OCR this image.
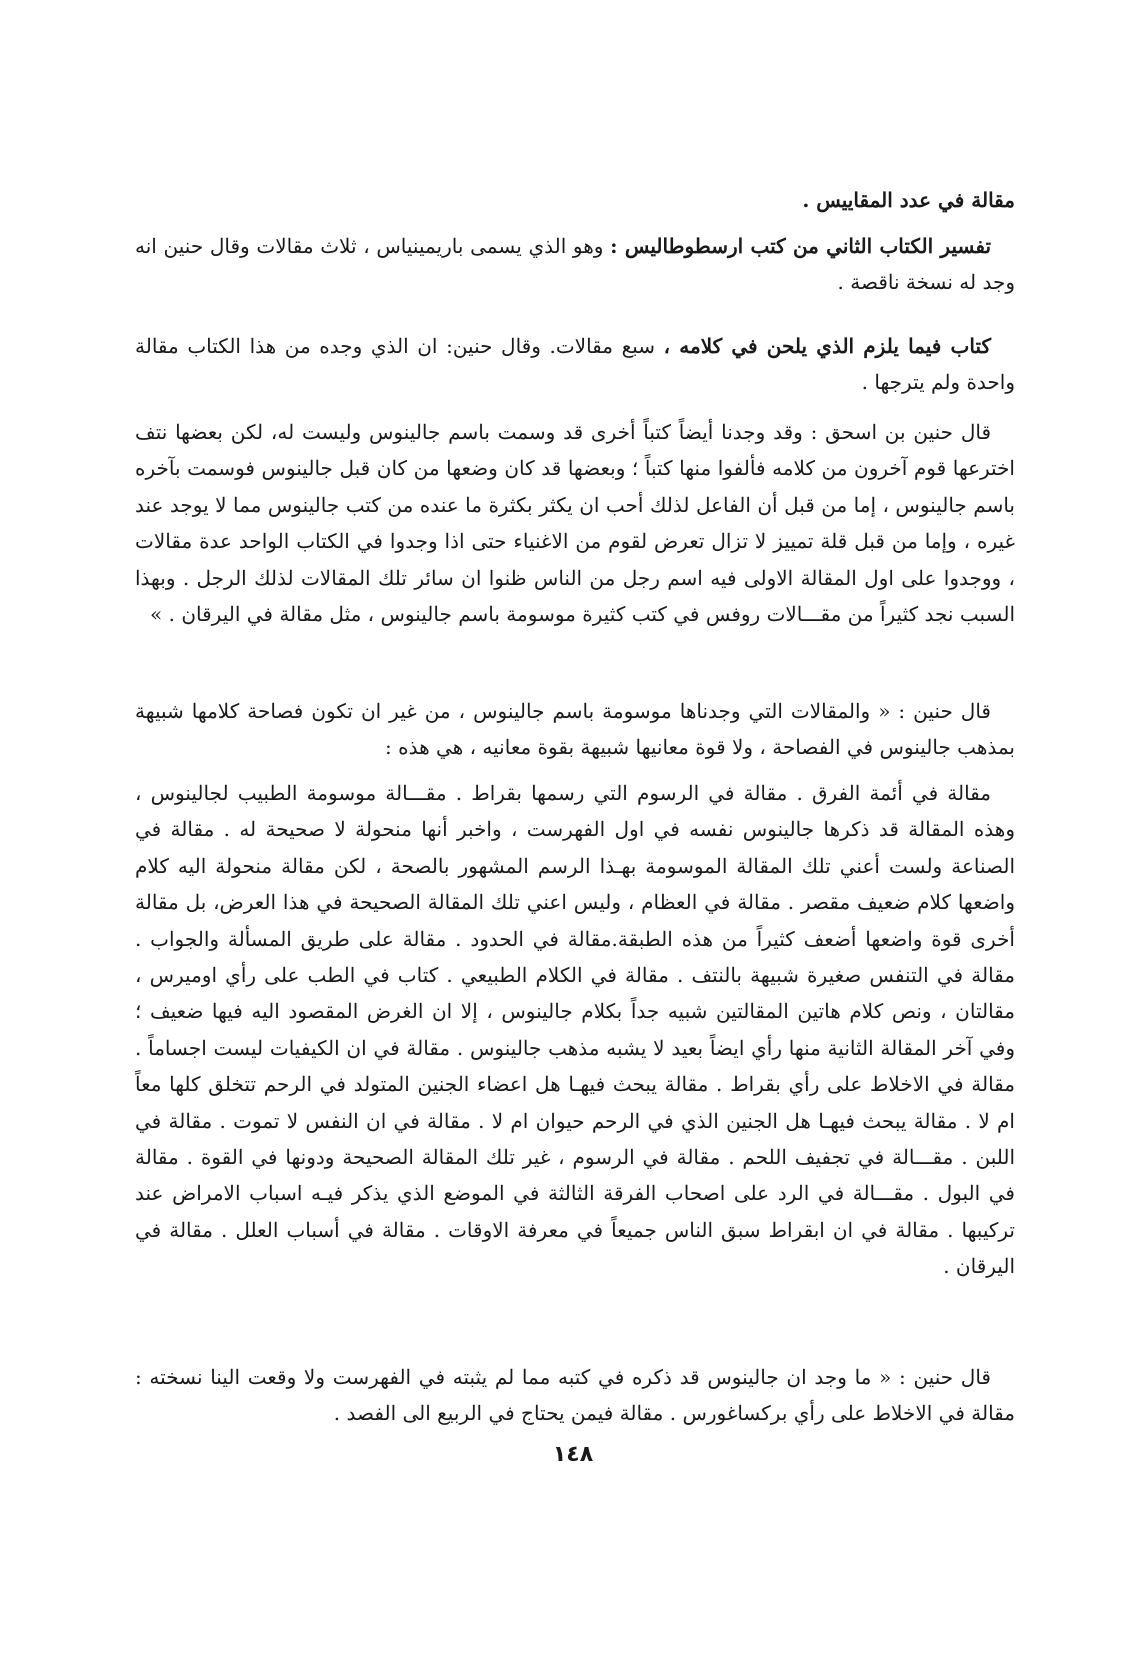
مقالة في عدد المقاييس .

تفسير الكتاب الثاني من كتب ارسطوطاليس : وهو الذي يسمى باريمينياس ، ثلاث مقالات وقال حنين انه وجد له نسخة ناقصة .

كتاب فيما يلزم الذي يلحن في كلامه ، سبع مقالات. وقال حنين: ان الذي وجده من هذا الكتاب مقالة واحدة ولم يترجها .

قال حنين بن اسحق : وقد وجدنا أيضاً كتباً أخرى قد وسمت باسم جالينوس وليست له، لكن بعضها نتف اخترعها قوم آخرون من كلامه فألفوا منها كتباً ؛ وبعضها قد كان وضعها من كان قبل جالينوس فوسمت بآخره باسم جالينوس ، إما من قبل أن الفاعل لذلك أحب ان يكثر بكثرة ما عنده من كتب جالينوس مما لا يوجد عند غيره ، وإما من قبل قلة تمييز لا تزال تعرض لقوم من الاغنياء حتى اذا وجدوا في الكتاب الواحد عدة مقالات ، ووجدوا على اول المقالة الاولى فيه اسم رجل من الناس ظنوا ان سائر تلك المقالات لذلك الرجل . وبهذا السبب نجد كثيراً من مقـــالات روفس في كتب كثيرة موسومة باسم جالينوس ، مثل مقالة في اليرقان . »

قال حنين : « والمقالات التي وجدناها موسومة باسم جالينوس ، من غير ان تكون فصاحة كلامها شبيهة بمذهب جالينوس في الفصاحة ، ولا قوة معانيها شبيهة بقوة معانيه ، هي هذه :

مقالة في أئمة الفرق . مقالة في الرسوم التي رسمها بقراط . مقـــالة موسومة الطبيب لجالينوس ، وهذه المقالة قد ذكرها جالينوس نفسه في اول الفهرست ، واخبر أنها منحولة لا صحيحة له . مقالة في الصناعة ولست أعني تلك المقالة الموسومة بهـذا الرسم المشهور بالصحة ، لكن مقالة منحولة اليه كلام واضعها كلام ضعيف مقصر . مقالة في العظام ، وليس اعني تلك المقالة الصحيحة في هذا العرض، بل مقالة أخرى قوة واضعها أضعف كثيراً من هذه الطبقة.مقالة في الحدود . مقالة على طريق المسألة والجواب . مقالة في التنفس صغيرة شبيهة بالنتف . مقالة في الكلام الطبيعي . كتاب في الطب على رأي اوميرس ، مقالتان ، ونص كلام هاتين المقالتين شبيه جداً بكلام جالينوس ، إلا ان الغرض المقصود اليه فيها ضعيف ؛ وفي آخر المقالة الثانية منها رأي ايضاً بعيد لا يشبه مذهب جالينوس . مقالة في ان الكيفيات ليست اجساماً . مقالة في الاخلاط على رأي بقراط . مقالة يبحث فيهـا هل اعضاء الجنين المتولد في الرحم تتخلق كلها معاً ام لا . مقالة يبحث فيهـا هل الجنين الذي في الرحم حيوان ام لا . مقالة في ان النفس لا تموت . مقالة في اللبن . مقـــالة في تجفيف اللحم . مقالة في الرسوم ، غير تلك المقالة الصحيحة ودونها في القوة . مقالة في البول . مقـــالة في الرد على اصحاب الفرقة الثالثة في الموضع الذي يذكر فيـه اسباب الامراض عند تركيبها . مقالة في ان ابقراط سبق الناس جميعاً في معرفة الاوقات . مقالة في أسباب العلل . مقالة في اليرقان .

قال حنين : « ما وجد ان جالينوس قد ذكره في كتبه مما لم يثبته في الفهرست ولا وقعت الينا نسخته : مقالة في الاخلاط على رأي بركساغورس . مقالة فيمن يحتاج في الربيع الى الفصد .

١٤٨
